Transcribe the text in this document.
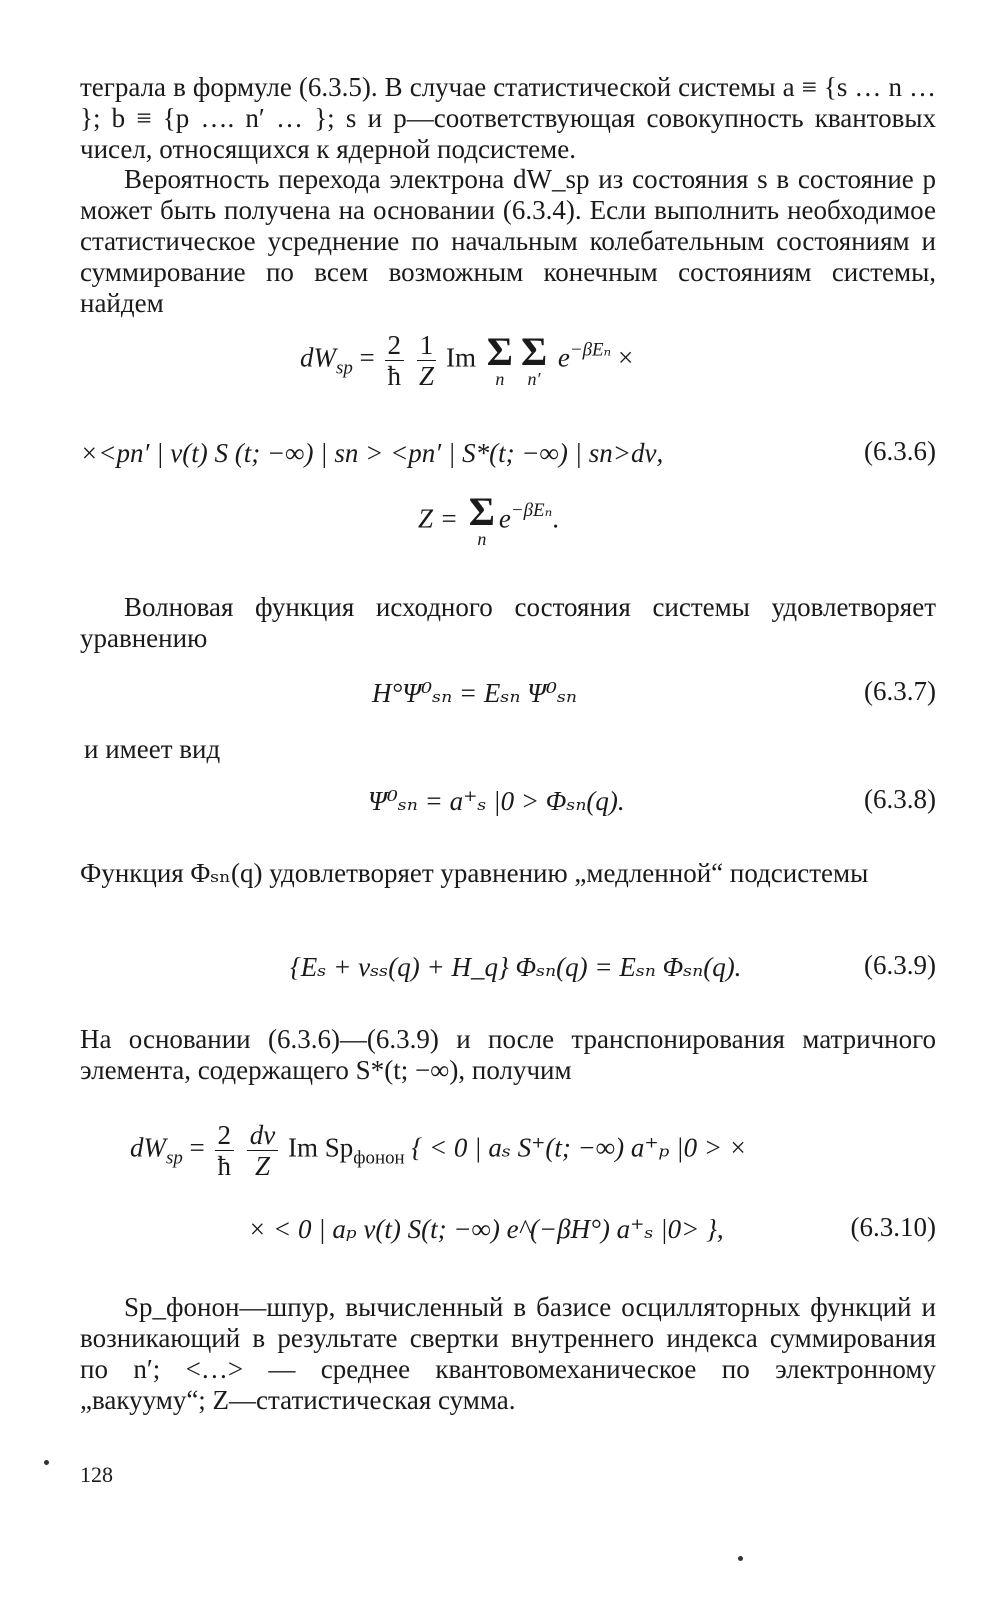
теграла в формуле (6.3.5). В случае статистической системы a ≡ {s … n … }; b ≡ {p …. n′ … }; s и p—соответствующая совокупность квантовых чисел, относящихся к ядерной подсистеме.

Вероятность перехода электрона dW_sp из состояния s в состояние p может быть получена на основании (6.3.4). Если выполнить необходимое статистическое усреднение по начальным колебательным состояниям и суммирование по всем возможным конечным состояниям системы, найдем

$dW_{sp} = \frac{2}{ħ}$
$\frac{1}{Z}$ Im Σ
n
Σ
n′
$e^{-\beta E_n}$ ×
×<pn′ | v(t) S (t; −∞) | sn > <pn′ | S*(t; −∞) | sn>dν,	(6.3.6)
Z = Σ
n
$e^{-\beta E_n}$.

Волновая функция исходного состояния системы удовлетворяет уравнению

H°Ψ⁰ₛₙ = Eₛₙ Ψ⁰ₛₙ	(6.3.7)

и имеет вид

Ψ⁰ₛₙ = a⁺ₛ |0 > Φₛₙ(q).	(6.3.8)

Функция Φₛₙ(q) удовлетворяет уравнению „медленной“ подсистемы

{Eₛ + vₛₛ(q) + H_q} Φₛₙ(q) = Eₛₙ Φₛₙ(q).	(6.3.9)

На основании (6.3.6)—(6.3.9) и после транспонирования матричного элемента, содержащего S*(t; −∞), получим

$dW_{sp} = \frac{2}{ħ}$
$\frac{d\nu}{Z}$ Im $Sp_{фонон}$ { < 0 | aₛ S⁺(t; −∞) a⁺ₚ |0 > ×
× < 0 | aₚ v(t) S(t; −∞) e^(−βH°) a⁺ₛ |0> },	(6.3.10)

Sp_фонон—шпур, вычисленный в базисе осцилляторных функций и возникающий в результате свертки внутреннего индекса суммирования по n′; <…> — среднее квантовомеханическое по электронному „вакууму“; Z—статистическая сумма.

128
